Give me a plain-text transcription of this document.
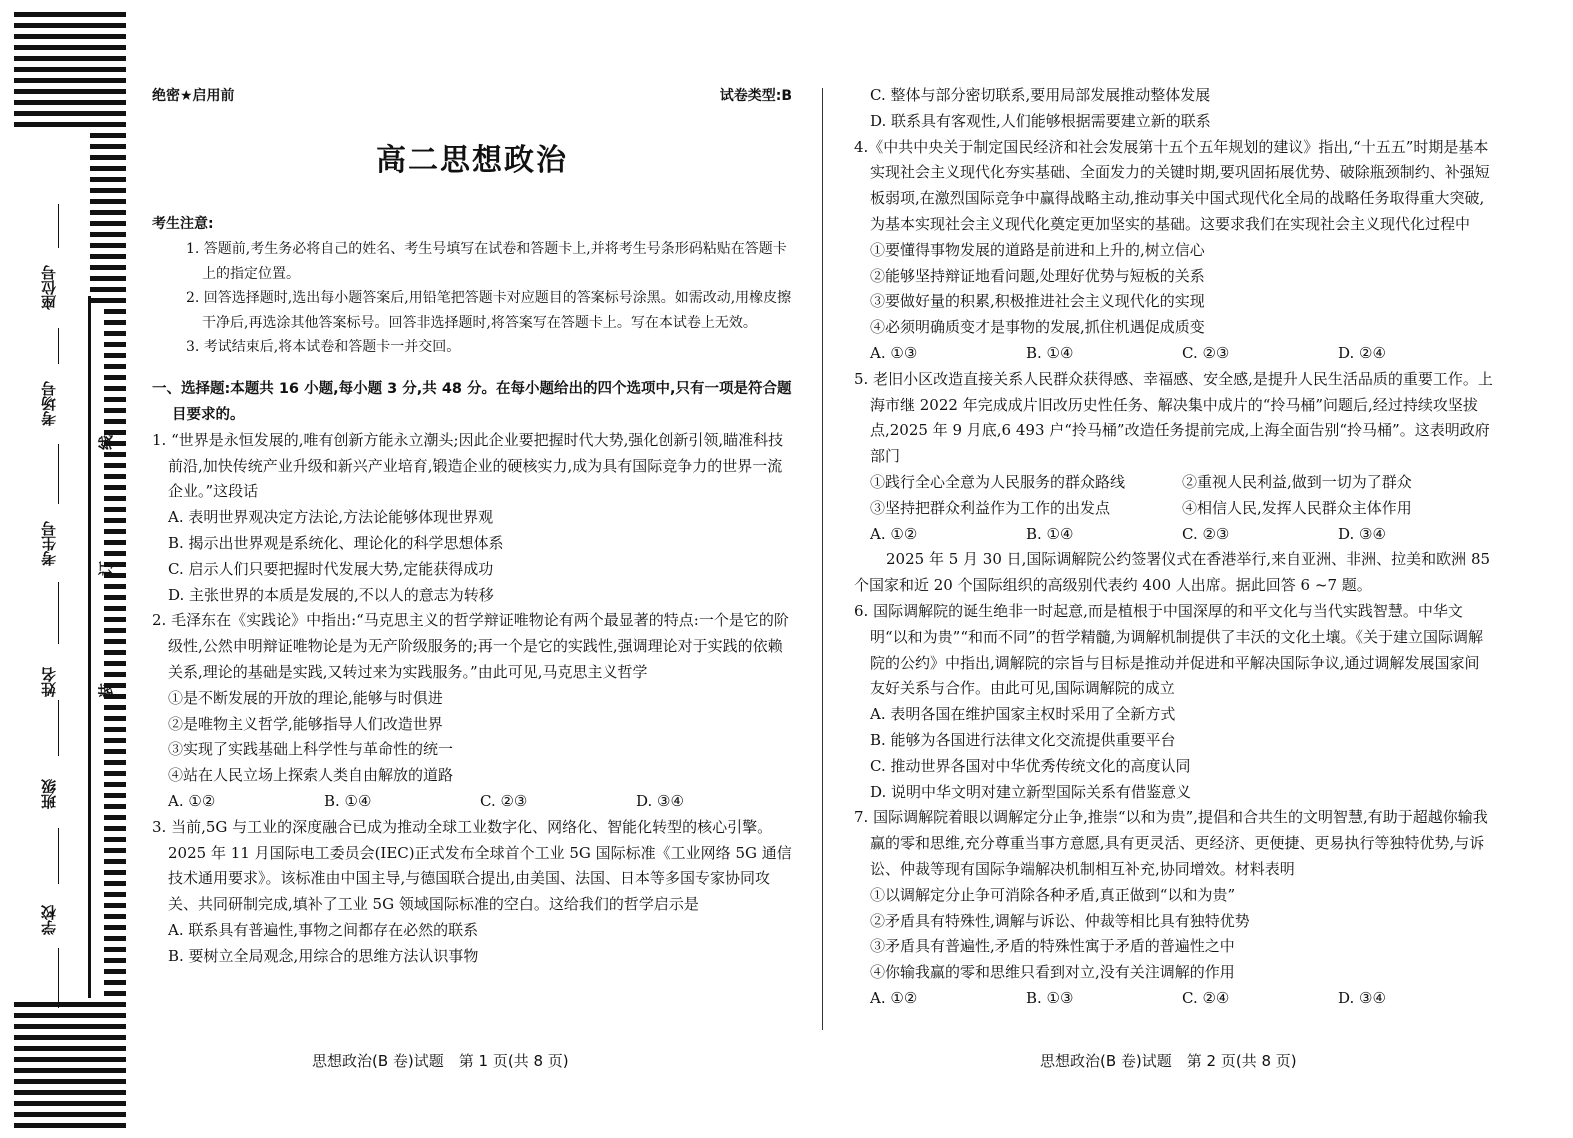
学校
班级
姓名
考生号
考场号
座位号
装
订
线
绝密★启用前	试卷类型:B
高二思想政治
考生注意:

1. 答题前,考生务必将自己的姓名、考生号填写在试卷和答题卡上,并将考生号条形码粘贴在答题卡上的指定位置。

2. 回答选择题时,选出每小题答案后,用铅笔把答题卡对应题目的答案标号涂黑。如需改动,用橡皮擦干净后,再选涂其他答案标号。回答非选择题时,将答案写在答题卡上。写在本试卷上无效。

3. 考试结束后,将本试卷和答题卡一并交回。

一、选择题:本题共 16 小题,每小题 3 分,共 48 分。在每小题给出的四个选项中,只有一项是符合题目要求的。

1. “世界是永恒发展的,唯有创新方能永立潮头;因此企业要把握时代大势,强化创新引领,瞄准科技前沿,加快传统产业升级和新兴产业培育,锻造企业的硬核实力,成为具有国际竞争力的世界一流企业。”这段话

A. 表明世界观决定方法论,方法论能够体现世界观

B. 揭示出世界观是系统化、理论化的科学思想体系

C. 启示人们只要把握时代发展大势,定能获得成功

D. 主张世界的本质是发展的,不以人的意志为转移

2. 毛泽东在《实践论》中指出:“马克思主义的哲学辩证唯物论有两个最显著的特点:一个是它的阶级性,公然申明辩证唯物论是为无产阶级服务的;再一个是它的实践性,强调理论对于实践的依赖关系,理论的基础是实践,又转过来为实践服务。”由此可见,马克思主义哲学

①是不断发展的开放的理论,能够与时俱进

②是唯物主义哲学,能够指导人们改造世界

③实现了实践基础上科学性与革命性的统一

④站在人民立场上探索人类自由解放的道路

A. ①②	B. ①④	C. ②③	D. ③④

3. 当前,5G 与工业的深度融合已成为推动全球工业数字化、网络化、智能化转型的核心引擎。2025 年 11 月国际电工委员会(IEC)正式发布全球首个工业 5G 国际标准《工业网络 5G 通信技术通用要求》。该标准由中国主导,与德国联合提出,由美国、法国、日本等多国专家协同攻关、共同研制完成,填补了工业 5G 领域国际标准的空白。这给我们的哲学启示是

A. 联系具有普遍性,事物之间都存在必然的联系

B. 要树立全局观念,用综合的思维方法认识事物

C. 整体与部分密切联系,要用局部发展推动整体发展

D. 联系具有客观性,人们能够根据需要建立新的联系

4.《中共中央关于制定国民经济和社会发展第十五个五年规划的建议》指出,“十五五”时期是基本实现社会主义现代化夯实基础、全面发力的关键时期,要巩固拓展优势、破除瓶颈制约、补强短板弱项,在激烈国际竞争中赢得战略主动,推动事关中国式现代化全局的战略任务取得重大突破,为基本实现社会主义现代化奠定更加坚实的基础。这要求我们在实现社会主义现代化过程中

①要懂得事物发展的道路是前进和上升的,树立信心

②能够坚持辩证地看问题,处理好优势与短板的关系

③要做好量的积累,积极推进社会主义现代化的实现

④必须明确质变才是事物的发展,抓住机遇促成质变

A. ①③	B. ①④	C. ②③	D. ②④

5. 老旧小区改造直接关系人民群众获得感、幸福感、安全感,是提升人民生活品质的重要工作。上海市继 2022 年完成成片旧改历史性任务、解决集中成片的“拎马桶”问题后,经过持续攻坚拔点,2025 年 9 月底,6 493 户“拎马桶”改造任务提前完成,上海全面告别“拎马桶”。这表明政府部门

①践行全心全意为人民服务的群众路线	②重视人民利益,做到一切为了群众
③坚持把群众利益作为工作的出发点	④相信人民,发挥人民群众主体作用
A. ①②	B. ①④	C. ②③	D. ③④

2025 年 5 月 30 日,国际调解院公约签署仪式在香港举行,来自亚洲、非洲、拉美和欧洲 85 个国家和近 20 个国际组织的高级别代表约 400 人出席。据此回答 6 ~7 题。

6. 国际调解院的诞生绝非一时起意,而是植根于中国深厚的和平文化与当代实践智慧。中华文明“以和为贵”“和而不同”的哲学精髓,为调解机制提供了丰沃的文化土壤。《关于建立国际调解院的公约》中指出,调解院的宗旨与目标是推动并促进和平解决国际争议,通过调解发展国家间友好关系与合作。由此可见,国际调解院的成立

A. 表明各国在维护国家主权时采用了全新方式

B. 能够为各国进行法律文化交流提供重要平台

C. 推动世界各国对中华优秀传统文化的高度认同

D. 说明中华文明对建立新型国际关系有借鉴意义

7. 国际调解院着眼以调解定分止争,推崇“以和为贵”,提倡和合共生的文明智慧,有助于超越你输我赢的零和思维,充分尊重当事方意愿,具有更灵活、更经济、更便捷、更易执行等独特优势,与诉讼、仲裁等现有国际争端解决机制相互补充,协同增效。材料表明

①以调解定分止争可消除各种矛盾,真正做到“以和为贵”

②矛盾具有特殊性,调解与诉讼、仲裁等相比具有独特优势

③矛盾具有普遍性,矛盾的特殊性寓于矛盾的普遍性之中

④你输我赢的零和思维只看到对立,没有关注调解的作用

A. ①②	B. ①③	C. ②④	D. ③④
思想政治(B 卷)试题　第 1 页(共 8 页)	思想政治(B 卷)试题　第 2 页(共 8 页)
